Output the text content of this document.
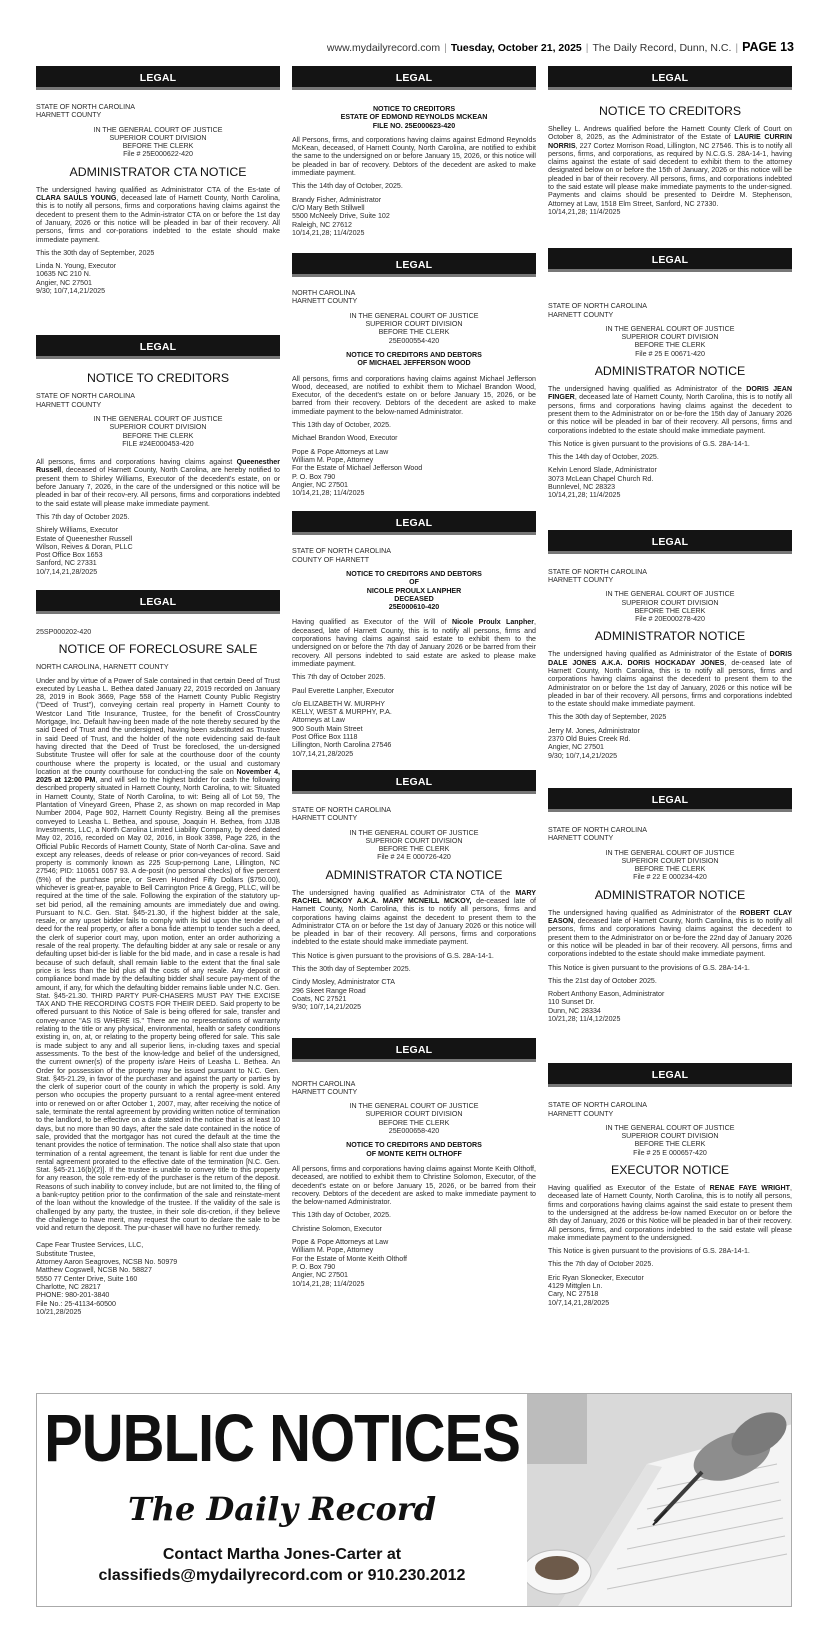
www.mydailyrecord.com | Tuesday, October 21, 2025 | The Daily Record, Dunn, N.C. | PAGE 13
LEGAL
STATE OF NORTH CAROLINA
HARNETT COUNTY
IN THE GENERAL COURT OF JUSTICE
SUPERIOR COURT DIVISION
BEFORE THE CLERK
File # 25E000622-420
ADMINISTRATOR CTA NOTICE

The undersigned having qualified as Administrator CTA of the Es-tate of CLARA SAULS YOUNG, deceased late of Harnett County, North Carolina, this is to notify all persons, firms and corporations having claims against the decedent to present them to the Admin-istrator CTA on or before the 1st day of January, 2026 or this notice will be pleaded in bar of their recovery. All persons, firms and cor-porations indebted to the estate should make immediate payment.

This the 30th day of September, 2025

Linda N. Young, Executor
10635 NC 210 N.
Angier, NC 27501
9/30; 10/7,14,21/2025

LEGAL
NOTICE TO CREDITORS
STATE OF NORTH CAROLINA
HARNETT COUNTY
IN THE GENERAL COURT OF JUSTICE
SUPERIOR COURT DIVISION
BEFORE THE CLERK
FILE #24E000453-420

All persons, firms and corporations having claims against Queenesther Russell, deceased of Harnett County, North Carolina, are hereby notified to present them to Shirley Williams, Executor of the decedent's estate, on or before January 7, 2026, in the care of the undersigned or this notice will be pleaded in bar of their recov-ery. All persons, firms and corporations indebted to the said estate will please make immediate payment.

This 7th day of October 2025.

Shirely Williams, Executor
Estate of Queenesther Russell
Wilson, Reives & Doran, PLLC
Post Office Box 1653
Sanford, NC 27331
10/7,14,21,28/2025

LEGAL
25SP000202-420
NOTICE OF FORECLOSURE SALE
NORTH CAROLINA, HARNETT COUNTY

Under and by virtue of a Power of Sale contained in that certain Deed of Trust executed by Leasha L. Bethea dated January 22, 2019 recorded on January 28, 2019 in Book 3669, Page 558 of the Harnett County Public Registry ("Deed of Trust"), conveying certain real property in Harnett County to Westcor Land Title Insurance, Trustee, for the benefit of CrossCountry Mortgage, Inc. Default hav-ing been made of the note thereby secured by the said Deed of Trust and the undersigned, having been substituted as Trustee in said Deed of Trust, and the holder of the note evidencing said de-fault having directed that the Deed of Trust be foreclosed, the un-dersigned Substitute Trustee will offer for sale at the courthouse door of the county courthouse where the property is located, or the usual and customary location at the county courthouse for conduct-ing the sale on November 4, 2025 at 12:00 PM, and will sell to the highest bidder for cash the following described property situated in Harnett County, North Carolina, to wit: Situated in Harnett County, State of North Carolina, to wit: Being all of Lot 59, The Plantation of Vineyard Green, Phase 2, as shown on map recorded in Map Number 2004, Page 902, Harnett County Registry. Being all the premises conveyed to Leasha L. Bethea, and spouse, Joaquin H. Bethea, from JJJB Investments, LLC, a North Carolina Limited Liability Company, by deed dated May 02, 2016, recorded on May 02, 2016, in Book 3398, Page 226, in the Official Public Records of Harnett County, State of North Car-olina. Save and except any releases, deeds of release or prior con-veyances of record. Said property is commonly known as 225 Scup-pernong Lane, Lillington, NC 27546; PID: 110651 0057 93. A de-posit (no personal checks) of five percent (5%) of the purchase price, or Seven Hundred Fifty Dollars ($750.00), whichever is great-er, payable to Bell Carrington Price & Gregg, PLLC, will be required at the time of the sale. Following the expiration of the statutory up-set bid period, all the remaining amounts are immediately due and owing. Pursuant to N.C. Gen. Stat. §45-21.30, if the highest bidder at the sale, resale, or any upset bidder fails to comply with its bid upon the tender of a deed for the real property, or after a bona fide attempt to tender such a deed, the clerk of superior court may, upon motion, enter an order authorizing a resale of the real property. The defaulting bidder at any sale or resale or any defaulting upset bid-der is liable for the bid made, and in case a resale is had because of such default, shall remain liable to the extent that the final sale price is less than the bid plus all the costs of any resale. Any deposit or compliance bond made by the defaulting bidder shall secure pay-ment of the amount, if any, for which the defaulting bidder remains liable under N.C. Gen. Stat. §45-21.30. THIRD PARTY PUR-CHASERS MUST PAY THE EXCISE TAX AND THE RECORDING COSTS FOR THEIR DEED. Said property to be offered pursuant to this Notice of Sale is being offered for sale, transfer and convey-ance "AS IS WHERE IS." There are no representations of warranty relating to the title or any physical, environmental, health or safety conditions existing in, on, at, or relating to the property being offered for sale. This sale is made subject to any and all superior liens, in-cluding taxes and special assessments. To the best of the know-ledge and belief of the undersigned, the current owner(s) of the property is/are Heirs of Leasha L. Bethea. An Order for possession of the property may be issued pursuant to N.C. Gen. Stat. §45-21.29, in favor of the purchaser and against the party or parties by the clerk of superior court of the county in which the property is sold. Any person who occupies the property pursuant to a rental agree-ment entered into or renewed on or after October 1, 2007, may, after receiving the notice of sale, terminate the rental agreement by providing written notice of termination to the landlord, to be effective on a date stated in the notice that is at least 10 days, but no more than 90 days, after the sale date contained in the notice of sale, provided that the mortgagor has not cured the default at the time the tenant provides the notice of termination. The notice shall also state that upon termination of a rental agreement, the tenant is liable for rent due under the rental agreement prorated to the effective date of the termination [N.C. Gen. Stat. §45-21.16(b)(2)]. If the trustee is unable to convey title to this property for any reason, the sole rem-edy of the purchaser is the return of the deposit. Reasons of such inability to convey include, but are not limited to, the filing of a bank-ruptcy petition prior to the confirmation of the sale and reinstate-ment of the loan without the knowledge of the trustee. If the validity of the sale is challenged by any party, the trustee, in their sole dis-cretion, if they believe the challenge to have merit, may request the court to declare the sale to be void and return the deposit. The pur-chaser will have no further remedy.

Cape Fear Trustee Services, LLC,
Substitute Trustee,
Attorney Aaron Seagroves, NCSB No. 50979
Matthew Cogswell, NCSB No. 58827
5550 77 Center Drive, Suite 160
Charlotte, NC 28217
PHONE: 980-201-3840
File No.: 25-41134-60500
10/21,28/2025

LEGAL
NOTICE TO CREDITORS
ESTATE OF EDMOND REYNOLDS MCKEAN
FILE NO. 25E000623-420

All Persons, firms, and corporations having claims against Edmond Reynolds McKean, deceased, of Harnett County, North Carolina, are notified to exhibit the same to the undersigned on or before January 15, 2026, or this notice will be pleaded in bar of recovery. Debtors of the decedent are asked to make immediate payment.

This the 14th day of October, 2025.

Brandy Fisher, Administrator
C/O Mary Beth Stillwell
5500 McNeely Drive, Suite 102
Raleigh, NC 27612
10/14,21,28; 11/4/2025

LEGAL
NORTH CAROLINA
HARNETT COUNTY
IN THE GENERAL COURT OF JUSTICE
SUPERIOR COURT DIVISION
BEFORE THE CLERK
25E000554-420
NOTICE TO CREDITORS AND DEBTORS
OF MICHAEL JEFFERSON WOOD

All persons, firms and corporations having claims against Michael Jefferson Wood, deceased, are notified to exhibit them to Michael Brandon Wood, Executor, of the decedent's estate on or before January 15, 2026, or be barred from their recovery. Debtors of the decedent are asked to make immediate payment to the below-named Administrator.

This 13th day of October, 2025.

Michael Brandon Wood, Executor

Pope & Pope Attorneys at Law
William M. Pope, Attorney
For the Estate of Michael Jefferson Wood
P. O. Box 790
Angier, NC 27501
10/14,21,28; 11/4/2025

LEGAL
STATE OF NORTH CAROLINA
COUNTY OF HARNETT
NOTICE TO CREDITORS AND DEBTORS
OF
NICOLE PROULX LANPHER
DECEASED
25E000610-420

Having qualified as Executor of the Will of Nicole Proulx Lanpher, deceased, late of Harnett County, this is to notify all persons, firms and corporations having claims against said estate to exhibit them to the undersigned on or before the 7th day of January 2026 or be barred from their recovery. All persons indebted to said estate are asked to please make immediate payment.

This 7th day of October 2025.

Paul Everette Lanpher, Executor

c/o ELIZABETH W. MURPHY
KELLY, WEST & MURPHY, P.A.
Attorneys at Law
900 South Main Street
Post Office Box 1118
Lillington, North Carolina 27546
10/7,14,21,28/2025

LEGAL
STATE OF NORTH CAROLINA
HARNETT COUNTY
IN THE GENERAL COURT OF JUSTICE
SUPERIOR COURT DIVISION
BEFORE THE CLERK
File # 24 E 000726-420
ADMINISTRATOR CTA NOTICE

The undersigned having qualified as Administrator CTA of the MARY RACHEL MCKOY A.K.A. MARY MCNEILL MCKOY, de-ceased late of Harnett County, North Carolina, this is to notify all persons, firms and corporations having claims against the decedent to present them to the Administrator CTA on or before the 1st day of January 2026 or this notice will be pleaded in bar of their recovery. All persons, firms and corporations indebted to the estate should make immediate payment.

This Notice is given pursuant to the provisions of G.S. 28A-14-1.

This the 30th day of September 2025.

Cindy Mosley, Administrator CTA
296 Skeet Range Road
Coats, NC 27521
9/30; 10/7,14,21/2025

LEGAL
NORTH CAROLINA
HARNETT COUNTY
IN THE GENERAL COURT OF JUSTICE
SUPERIOR COURT DIVISION
BEFORE THE CLERK
25E000658-420
NOTICE TO CREDITORS AND DEBTORS
OF MONTE KEITH OLTHOFF

All persons, firms and corporations having claims against Monte Keith Olthoff, deceased, are notified to exhibit them to Christine Solomon, Executor, of the decedent's estate on or before January 15, 2026, or be barred from their recovery. Debtors of the decedent are asked to make immediate payment to the below-named Administrator.

This 13th day of October, 2025.

Christine Solomon, Executor

Pope & Pope Attorneys at Law
William M. Pope, Attorney
For the Estate of Monte Keith Olthoff
P. O. Box 790
Angier, NC 27501
10/14,21,28; 11/4/2025

LEGAL
NOTICE TO CREDITORS

Shelley L. Andrews qualified before the Harnett County Clerk of Court on October 8, 2025, as the Administrator of the Estate of LAURIE CURRIN NORRIS, 227 Cortez Morrison Road, Lillington, NC 27546. This is to notify all persons, firms, and corporations, as required by N.C.G.S. 28A-14-1, having claims against the estate of said decedent to exhibit them to the attorney designated below on or before the 15th of January, 2026 or this notice will be pleaded in bar of their recovery. All persons, firms, and corporations indebted to the said estate will please make immediate payments to the under-signed. Payments and claims should be presented to Deirdre M. Stephenson, Attorney at Law, 1518 Elm Street, Sanford, NC 27330.
10/14,21,28; 11/4/2025

LEGAL
STATE OF NORTH CAROLINA
HARNETT COUNTY
IN THE GENERAL COURT OF JUSTICE
SUPERIOR COURT DIVISION
BEFORE THE CLERK
File # 25 E 00671-420
ADMINISTRATOR NOTICE

The undersigned having qualified as Administrator of the DORIS JEAN FINGER, deceased late of Harnett County, North Carolina, this is to notify all persons, firms and corporations having claims against the decedent to present them to the Administrator on or be-fore the 15th day of January 2026 or this notice will be pleaded in bar of their recovery. All persons, firms and corporations indebted to the estate should make immediate payment.

This Notice is given pursuant to the provisions of G.S. 28A-14-1.

This the 14th day of October, 2025.

Kelvin Lenord Slade, Administrator
3073 McLean Chapel Church Rd.
Bunnlevel, NC 28323
10/14,21,28; 11/4/2025

LEGAL
STATE OF NORTH CAROLINA
HARNETT COUNTY
IN THE GENERAL COURT OF JUSTICE
SUPERIOR COURT DIVISION
BEFORE THE CLERK
File # 20E000278-420
ADMINISTRATOR NOTICE

The undersigned having qualified as Administrator of the Estate of DORIS DALE JONES A.K.A. DORIS HOCKADAY JONES, de-ceased late of Harnett County, North Carolina, this is to notify all persons, firms and corporations having claims against the decedent to present them to the Administrator on or before the 1st day of January, 2026 or this notice will be pleaded in bar of their recovery. All persons, firms and corporations indebted to the estate should make immediate payment.

This the 30th day of September, 2025

Jerry M. Jones, Administrator
2370 Old Buies Creek Rd.
Angier, NC 27501
9/30; 10/7,14,21/2025

LEGAL
STATE OF NORTH CAROLINA
HARNETT COUNTY
IN THE GENERAL COURT OF JUSTICE
SUPERIOR COURT DIVISION
BEFORE THE CLERK
File # 22 E 000234-420
ADMINISTRATOR NOTICE

The undersigned having qualified as Administrator of the ROBERT CLAY EASON, deceased late of Harnett County, North Carolina, this is to notify all persons, firms and corporations having claims against the decedent to present them to the Administrator on or be-fore the 22nd day of January 2026 or this notice will be pleaded in bar of their recovery. All persons, firms and corporations indebted to the estate should make immediate payment.

This Notice is given pursuant to the provisions of G.S. 28A-14-1.

This the 21st day of October 2025.

Robert Anthony Eason, Administrator
110 Sunset Dr.
Dunn, NC 28334
10/21,28; 11/4,12/2025

LEGAL
STATE OF NORTH CAROLINA
HARNETT COUNTY
IN THE GENERAL COURT OF JUSTICE
SUPERIOR COURT DIVISION
BEFORE THE CLERK
File # 25 E 000657-420
EXECUTOR NOTICE

Having qualified as Executor of the Estate of RENAE FAYE WRIGHT, deceased late of Harnett County, North Carolina, this is to notify all persons, firms and corporations having claims against the said estate to present them to the undersigned at the address be-low named Executor on or before the 8th day of January, 2026 or this Notice will be pleaded in bar of their recovery. All persons, firms, and corporations indebted to the said estate will please make immediate payment to the undersigned.

This Notice is given pursuant to the provisions of G.S. 28A-14-1.

This the 7th day of October 2025.

Eric Ryan Slonecker, Executor
4129 Mittglen Ln.
Cary, NC 27518
10/7,14,21,28/2025

PUBLIC NOTICES
The Daily Record
Contact Martha Jones-Carter at
classifieds@mydailyrecord.com or 910.230.2012
